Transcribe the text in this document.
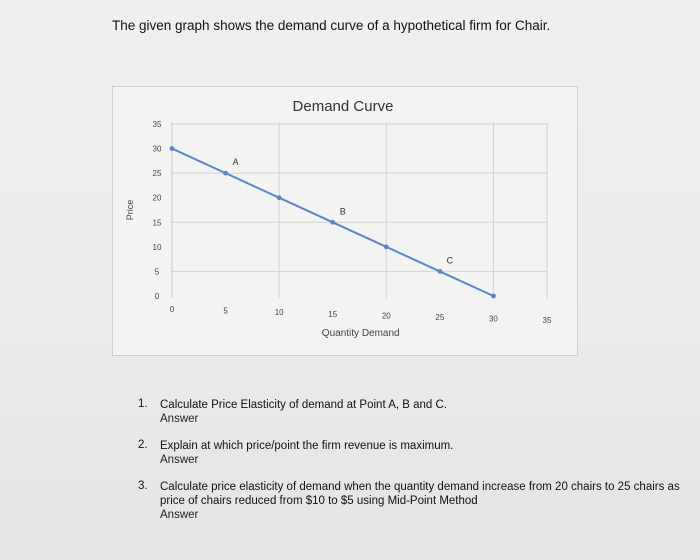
The given graph shows the demand curve of a hypothetical firm for Chair.
Demand Curve
35
30
25
20
15
10
5
0
Price
0	5	10	15	20	25	30	35
Quantity Demand
A
B
C
1. Calculate Price Elasticity of demand at Point A, B and C.
Answer
2. Explain at which price/point the firm revenue is maximum.
Answer
3. Calculate price elasticity of demand when the quantity demand increase from 20 chairs to 25 chairs as price of chairs reduced from $10 to $5 using Mid-Point Method
Answer
